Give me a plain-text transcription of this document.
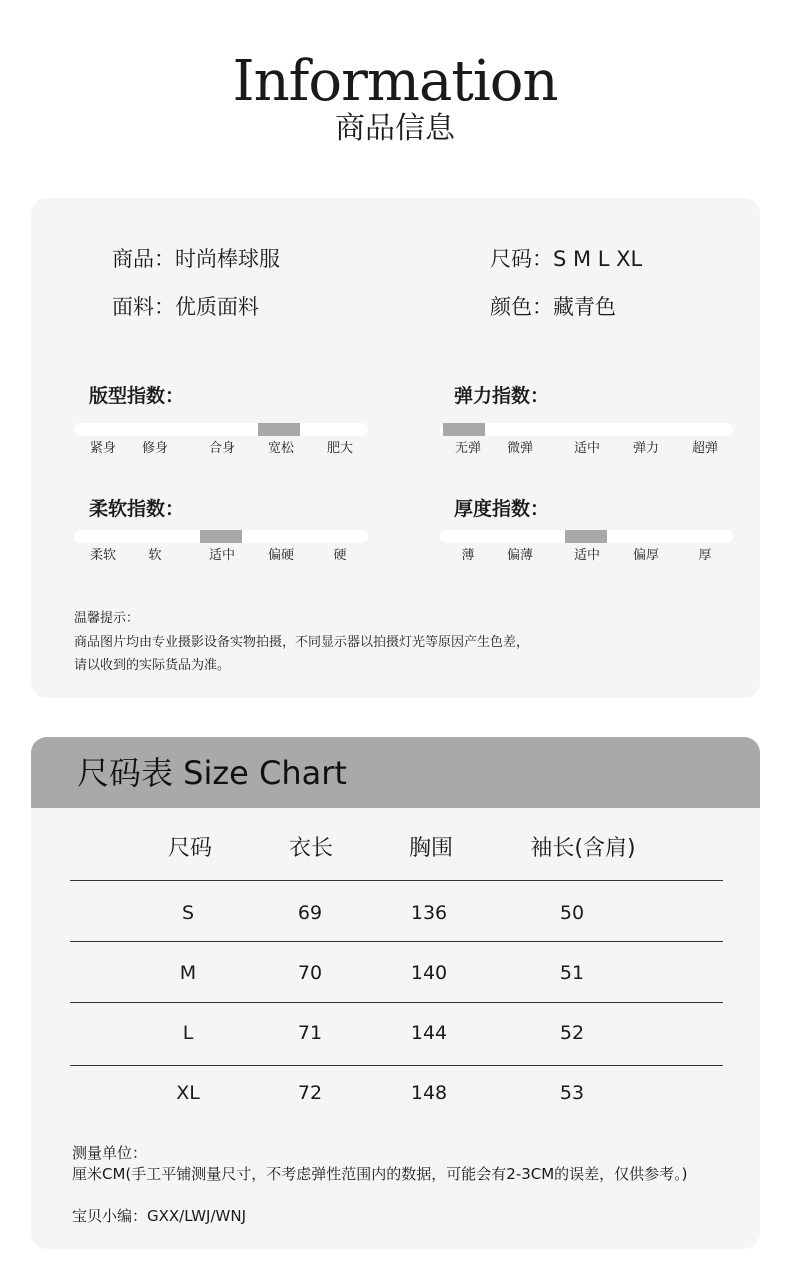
Information
商品信息
商品：时尚棒球服	尺码：S M L XL
面料：优质面料	颜色：藏青色
版型指数：
紧身 修身	合身	宽松	肥大
弹力指数：
无弹 微弹	适中	弹力	超弹
柔软指数：
柔软 软	适中	偏硬	硬
厚度指数：
薄 偏薄	适中	偏厚	厚
温馨提示：
商品图片均由专业摄影设备实物拍摄，不同显示器以拍摄灯光等原因产生色差，
请以收到的实际货品为准。
尺码表 Size Chart
尺码	衣长	胸围	袖长(含肩)
S	69	136	50
M	70	140	51
L	71	144	52
XL	72	148	53
测量单位：
厘米CM(手工平铺测量尺寸，不考虑弹性范围内的数据，可能会有2-3CM的误差，仅供参考。)
宝贝小编：GXX/LWJ/WNJ
